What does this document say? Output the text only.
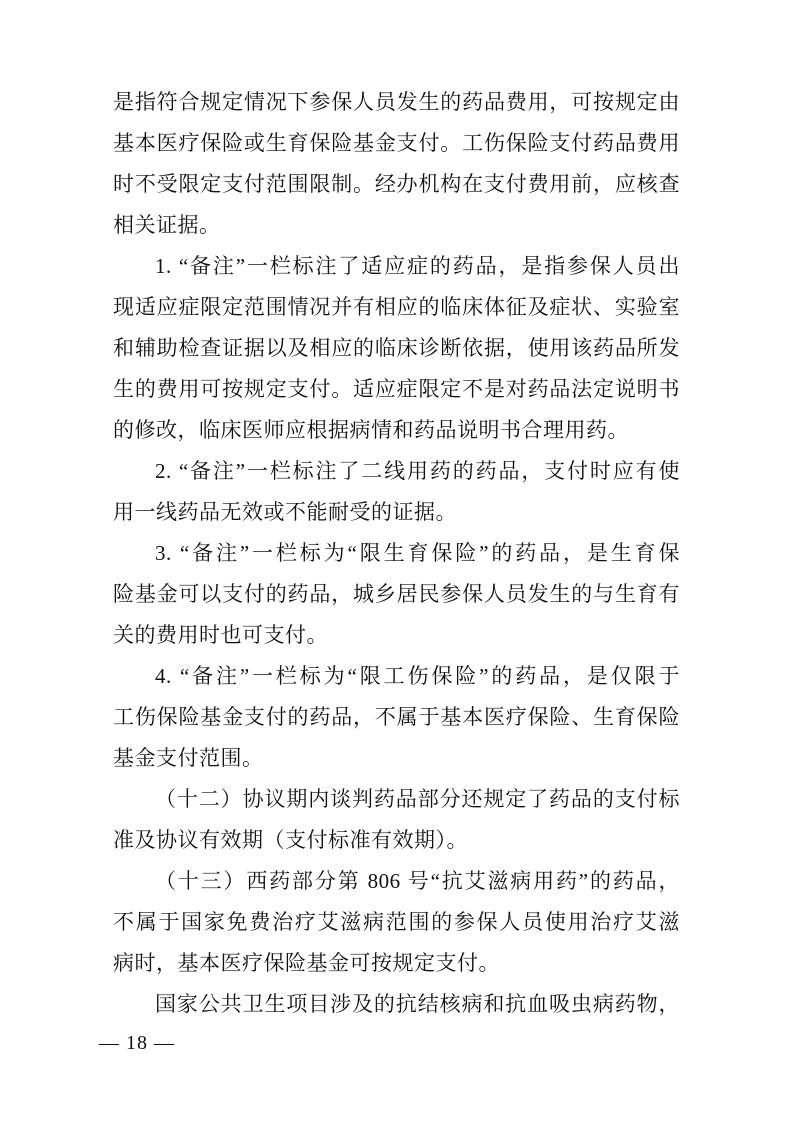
是指符合规定情况下参保人员发生的药品费用，可按规定由
基本医疗保险或生育保险基金支付。工伤保险支付药品费用
时不受限定支付范围限制。经办机构在支付费用前，应核查
相关证据。
1. “备注”一栏标注了适应症的药品，是指参保人员出
现适应症限定范围情况并有相应的临床体征及症状、实验室
和辅助检查证据以及相应的临床诊断依据，使用该药品所发
生的费用可按规定支付。适应症限定不是对药品法定说明书
的修改，临床医师应根据病情和药品说明书合理用药。
2. “备注”一栏标注了二线用药的药品，支付时应有使
用一线药品无效或不能耐受的证据。
3. “备注”一栏标为“限生育保险”的药品，是生育保
险基金可以支付的药品，城乡居民参保人员发生的与生育有
关的费用时也可支付。
4. “备注”一栏标为“限工伤保险”的药品，是仅限于
工伤保险基金支付的药品，不属于基本医疗保险、生育保险
基金支付范围。
（十二）协议期内谈判药品部分还规定了药品的支付标
准及协议有效期（支付标准有效期）。
（十三）西药部分第 806 号“抗艾滋病用药”的药品，
不属于国家免费治疗艾滋病范围的参保人员使用治疗艾滋
病时，基本医疗保险基金可按规定支付。
国家公共卫生项目涉及的抗结核病和抗血吸虫病药物，
— 18 —
